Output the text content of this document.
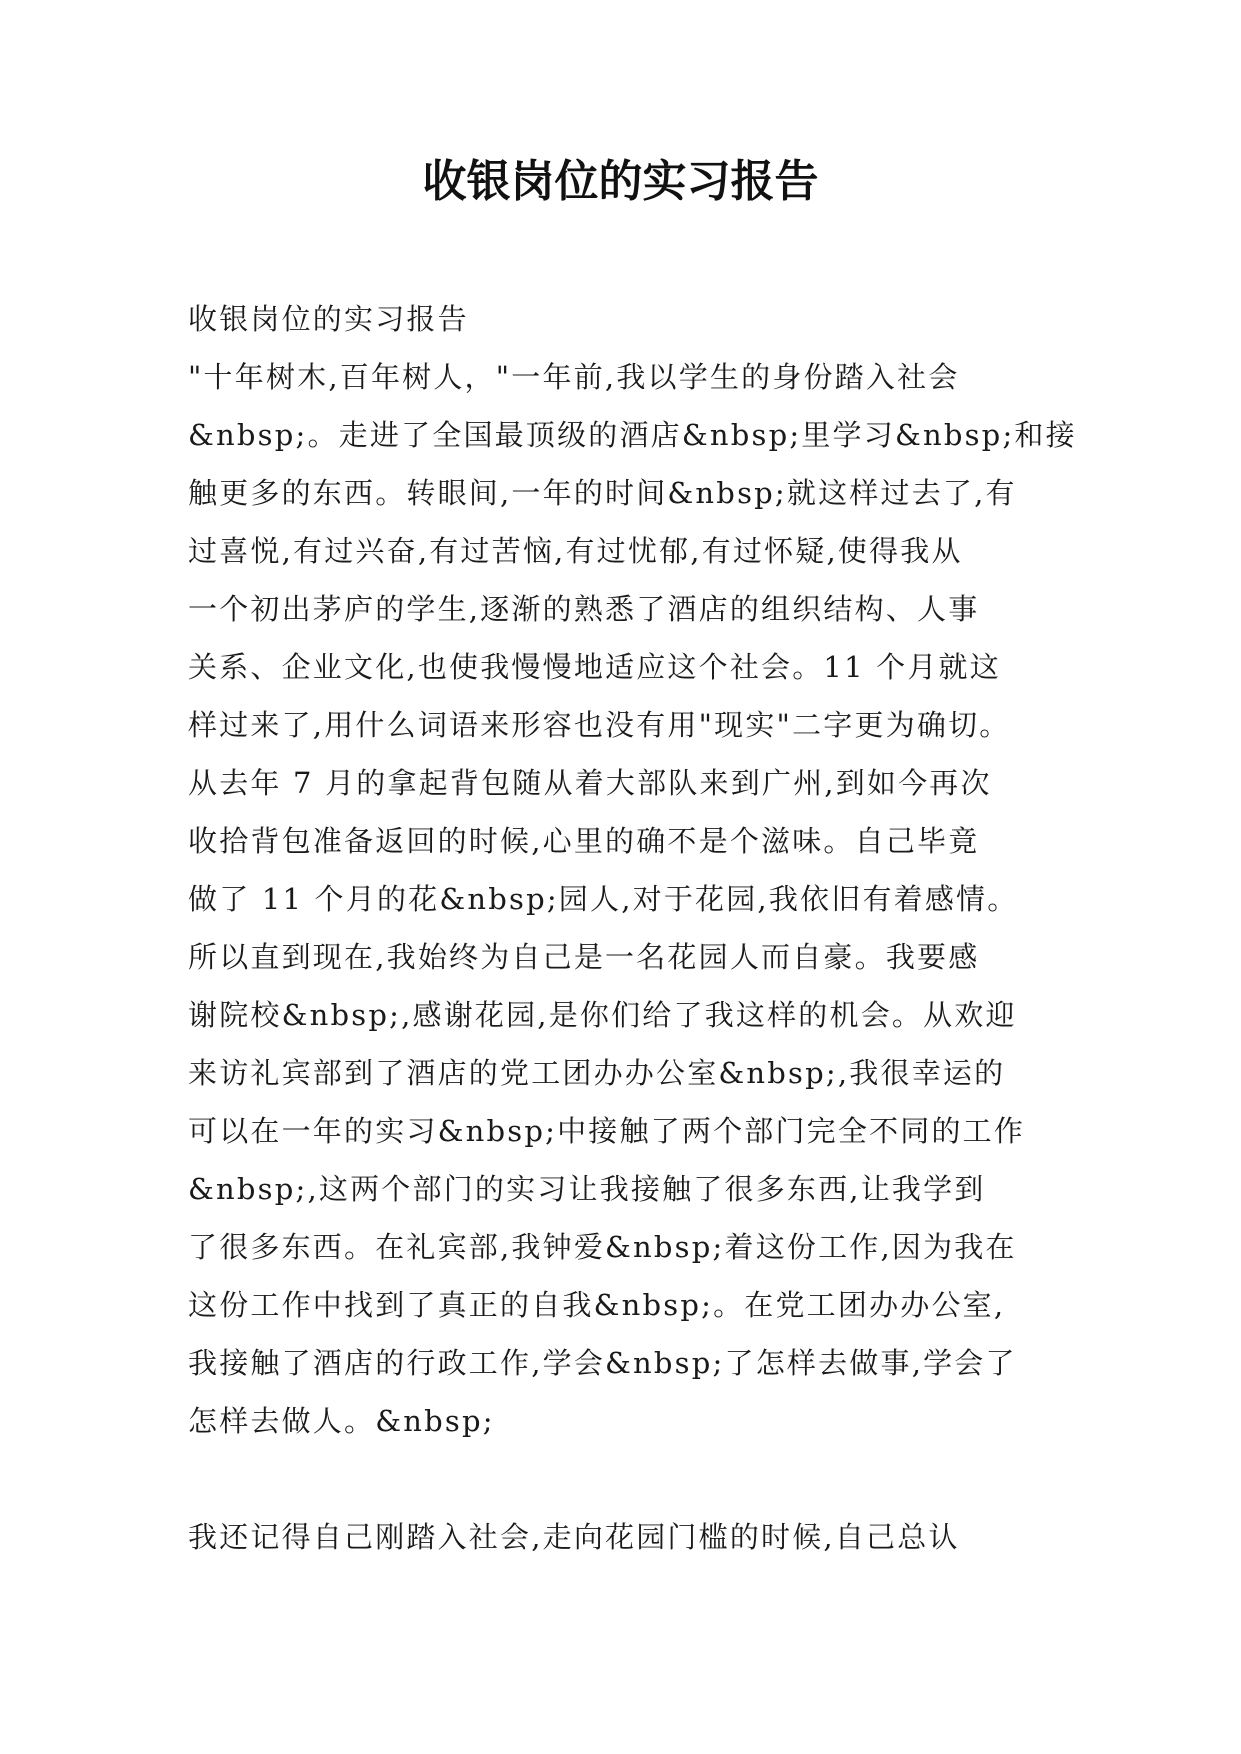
收银岗位的实习报告
收银岗位的实习报告
"十年树木,百年树人，"一年前,我以学生的身份踏入社会
&nbsp;。走进了全国最顶级的酒店&nbsp;里学习&nbsp;和接
触更多的东西。转眼间,一年的时间&nbsp;就这样过去了,有
过喜悦,有过兴奋,有过苦恼,有过忧郁,有过怀疑,使得我从
一个初出茅庐的学生,逐渐的熟悉了酒店的组织结构、人事
关系、企业文化,也使我慢慢地适应这个社会。11 个月就这
样过来了,用什么词语来形容也没有用"现实"二字更为确切。
从去年 7 月的拿起背包随从着大部队来到广州,到如今再次
收拾背包准备返回的时候,心里的确不是个滋味。自己毕竟
做了 11 个月的花&nbsp;园人,对于花园,我依旧有着感情。
所以直到现在,我始终为自己是一名花园人而自豪。我要感
谢院校&nbsp;,感谢花园,是你们给了我这样的机会。从欢迎
来访礼宾部到了酒店的党工团办办公室&nbsp;,我很幸运的
可以在一年的实习&nbsp;中接触了两个部门完全不同的工作
&nbsp;,这两个部门的实习让我接触了很多东西,让我学到
了很多东西。在礼宾部,我钟爱&nbsp;着这份工作,因为我在
这份工作中找到了真正的自我&nbsp;。在党工团办办公室,
我接触了酒店的行政工作,学会&nbsp;了怎样去做事,学会了
怎样去做人。&nbsp;
我还记得自己刚踏入社会,走向花园门槛的时候,自己总认
